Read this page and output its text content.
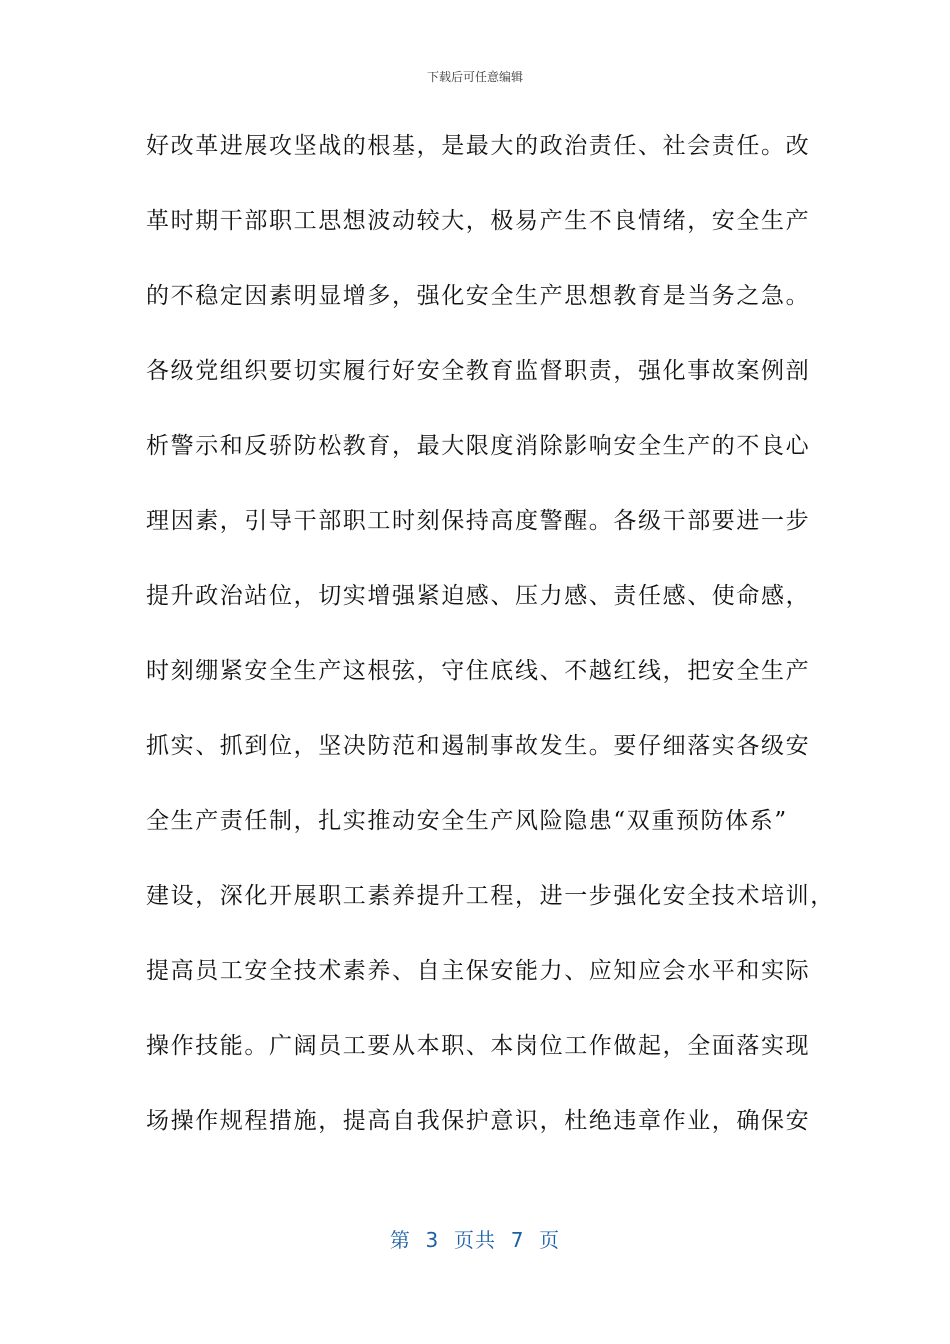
下载后可任意编辑
好改革进展攻坚战的根基，是最大的政治责任、社会责任。改
革时期干部职工思想波动较大，极易产生不良情绪，安全生产
的不稳定因素明显增多，强化安全生产思想教育是当务之急。
各级党组织要切实履行好安全教育监督职责，强化事故案例剖
析警示和反骄防松教育，最大限度消除影响安全生产的不良心
理因素，引导干部职工时刻保持高度警醒。各级干部要进一步
提升政治站位，切实增强紧迫感、压力感、责任感、使命感，
时刻绷紧安全生产这根弦，守住底线、不越红线，把安全生产
抓实、抓到位，坚决防范和遏制事故发生。要仔细落实各级安
全生产责任制，扎实推动安全生产风险隐患“双重预防体系”
建设，深化开展职工素养提升工程，进一步强化安全技术培训，
提高员工安全技术素养、自主保安能力、应知应会水平和实际
操作技能。广阔员工要从本职、本岗位工作做起，全面落实现
场操作规程措施，提高自我保护意识，杜绝违章作业，确保安
第  3  页共  7  页
